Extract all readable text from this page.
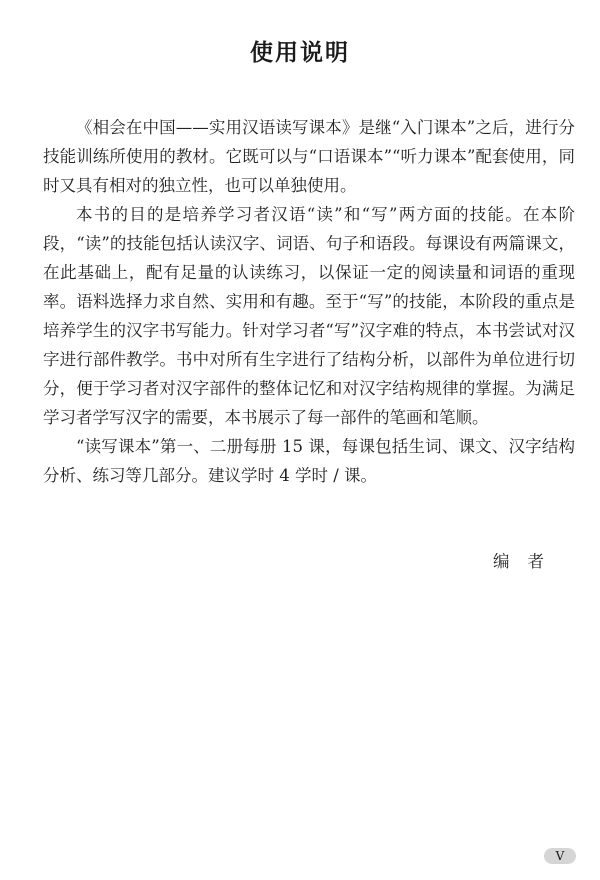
使用说明

《相会在中国——实用汉语读写课本》是继“入门课本”之后，进行分技能训练所使用的教材。它既可以与“口语课本”“听力课本”配套使用，同时又具有相对的独立性，也可以单独使用。

本书的目的是培养学习者汉语“读”和“写”两方面的技能。在本阶段，“读”的技能包括认读汉字、词语、句子和语段。每课设有两篇课文，在此基础上，配有足量的认读练习，以保证一定的阅读量和词语的重现率。语料选择力求自然、实用和有趣。至于“写”的技能，本阶段的重点是培养学生的汉字书写能力。针对学习者“写”汉字难的特点，本书尝试对汉字进行部件教学。书中对所有生字进行了结构分析，以部件为单位进行切分，便于学习者对汉字部件的整体记忆和对汉字结构规律的掌握。为满足学习者学写汉字的需要，本书展示了每一部件的笔画和笔顺。

“读写课本”第一、二册每册 15 课，每课包括生词、课文、汉字结构分析、练习等几部分。建议学时 4 学时 / 课。

编者
V
